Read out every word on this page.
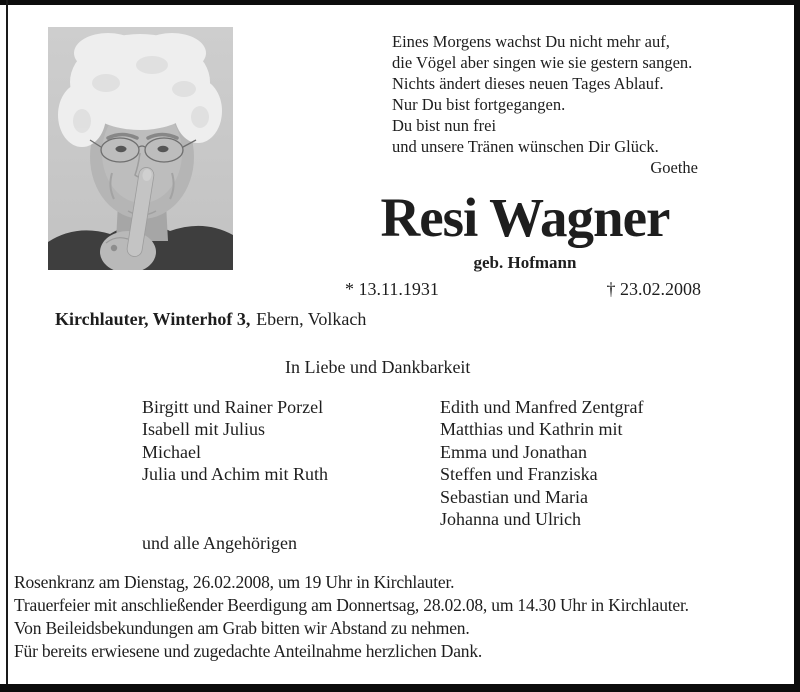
Eines Morgens wachst Du nicht mehr auf,
die Vögel aber singen wie sie gestern sangen.
Nichts ändert dieses neuen Tages Ablauf.
Nur Du bist fortgegangen.
Du bist nun frei
und unsere Tränen wünschen Dir Glück.
Goethe
Resi Wagner
geb. Hofmann
* 13.11.1931	† 23.02.2008
Kirchlauter, Winterhof 3, Ebern, Volkach
In Liebe und Dankbarkeit
Birgitt und Rainer Porzel
Isabell mit Julius
Michael
Julia und Achim mit Ruth
Edith und Manfred Zentgraf
Matthias und Kathrin mit
Emma und Jonathan
Steffen und Franziska
Sebastian und Maria
Johanna und Ulrich
und alle Angehörigen
Rosenkranz am Dienstag, 26.02.2008, um 19 Uhr in Kirchlauter.
Trauerfeier mit anschließender Beerdigung am Donnertsag, 28.02.08, um 14.30 Uhr in Kirchlauter.
Von Beileidsbekundungen am Grab bitten wir Abstand zu nehmen.
Für bereits erwiesene und zugedachte Anteilnahme herzlichen Dank.
